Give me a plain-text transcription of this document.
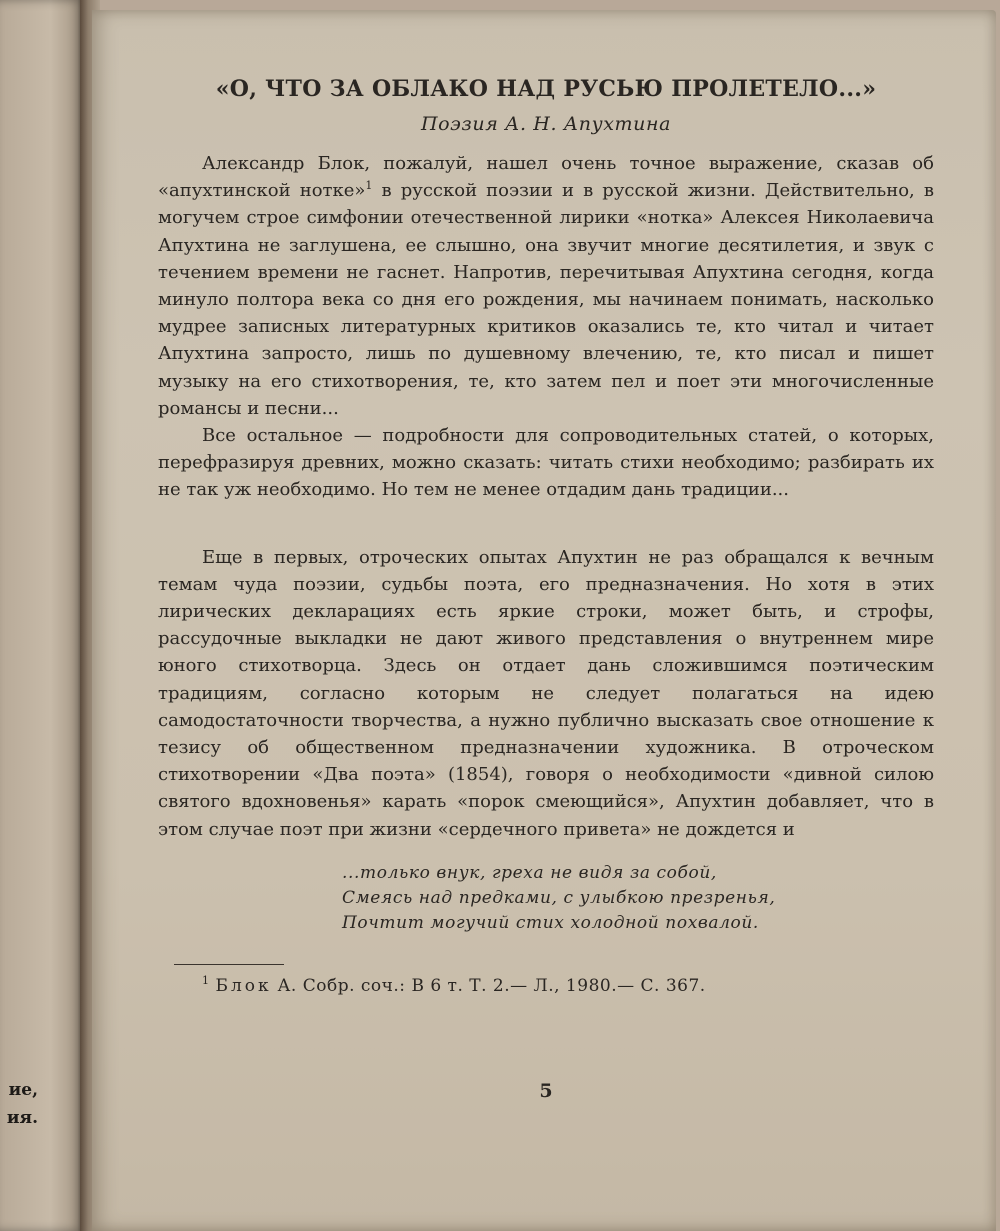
ие,
ия.
«О, ЧТО ЗА ОБЛАКО НАД РУСЬЮ ПРОЛЕТЕЛО...»

Поэзия А. Н. Апухтина

Александр Блок, пожалуй, нашел очень точное выражение, сказав об «апухтинской нотке»$^1$ в русской поэзии и в русской жизни. Действительно, в могучем строе симфонии отечественной лирики «нотка» Алексея Николаевича Апухтина не заглушена, ее слышно, она звучит многие десятилетия, и звук с течением времени не гаснет. Напротив, перечитывая Апухтина сегодня, когда минуло полтора века со дня его рождения, мы начинаем понимать, насколько мудрее записных литературных критиков оказались те, кто читал и читает Апухтина запросто, лишь по душевному влечению, те, кто писал и пишет музыку на его стихотворения, те, кто затем пел и поет эти многочисленные романсы и песни...

Все остальное — подробности для сопроводительных статей, о которых, перефразируя древних, можно сказать: читать стихи необходимо; разбирать их не так уж необходимо. Но тем не менее отдадим дань традиции...

Еще в первых, отроческих опытах Апухтин не раз обращался к вечным темам чуда поэзии, судьбы поэта, его предназначения. Но хотя в этих лирических декларациях есть яркие строки, может быть, и строфы, рассудочные выкладки не дают живого представления о внутреннем мире юного стихотворца. Здесь он отдает дань сложившимся поэтическим традициям, согласно которым не следует полагаться на идею самодостаточности творчества, а нужно публично высказать свое отношение к тезису об общественном предназначении художника. В отроческом стихотворении «Два поэта» (1854), говоря о необходимости «дивной силою святого вдохновенья» карать «порок смеющийся», Апухтин добавляет, что в этом случае поэт при жизни «сердечного привета» не дождется и

...только внук, греха не видя за собой,
Смеясь над предками, с улыбкою презренья,
Почтит могучий стих холодной похвалой.

$^1$ Блок А. Собр. соч.: В 6 т. Т. 2.— Л., 1980.— С. 367.

5
